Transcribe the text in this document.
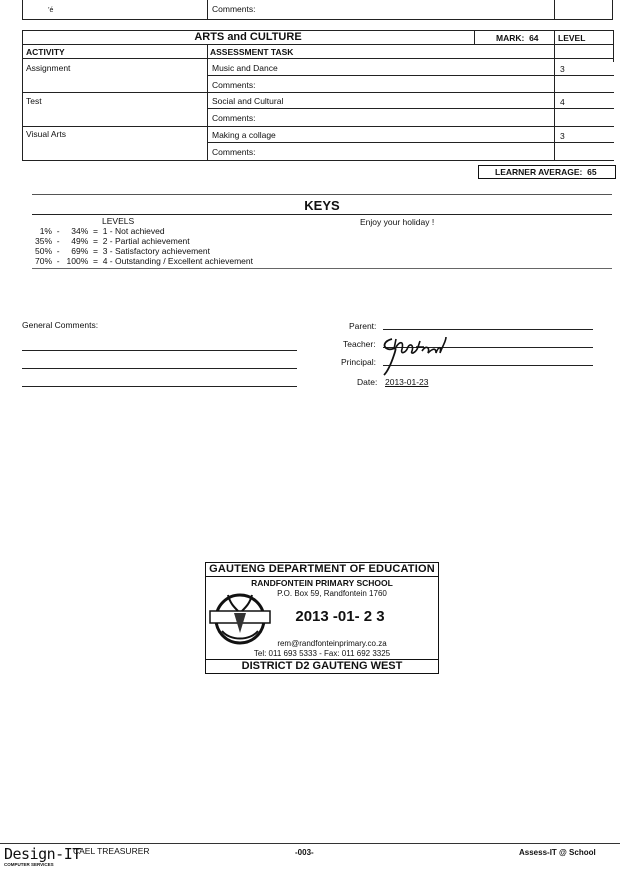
’é	Comments:
ARTS and CULTURE	MARK: 64 LEVEL
ACTIVITY	ASSESSMENT TASK
Assignment	Music and Dance	3
Comments:
Test	Social and Cultural	4
Comments:
Visual Arts	Making a collage	3
Comments:
LEARNER AVERAGE: 65
KEYS
LEVELS	Enjoy your holiday !
1%  -  34%  =  1 - Not achieved
35%  -  49%  =  2 - Partial achievement
50%  -  69%  =  3 - Satisfactory achievement
70%  -  100%  =  4 - Outstanding / Excellent achievement
General Comments:	Parent:
Teacher:
Principal:
Date: 2013-01-23
GAUTENG DEPARTMENT OF EDUCATION
RANDFONTEIN PRIMARY SCHOOL
P.O. Box 59, Randfontein 1760
2013 -01- 2 3
rem@randfonteinprimary.co.za
Tel: 011 693 5333 - Fax: 011 692 3325
DISTRICT D2 GAUTENG WEST
Design-IT
COMPUTER SERVICES
CAEL TREASURER	-003-	Assess-IT @ School
